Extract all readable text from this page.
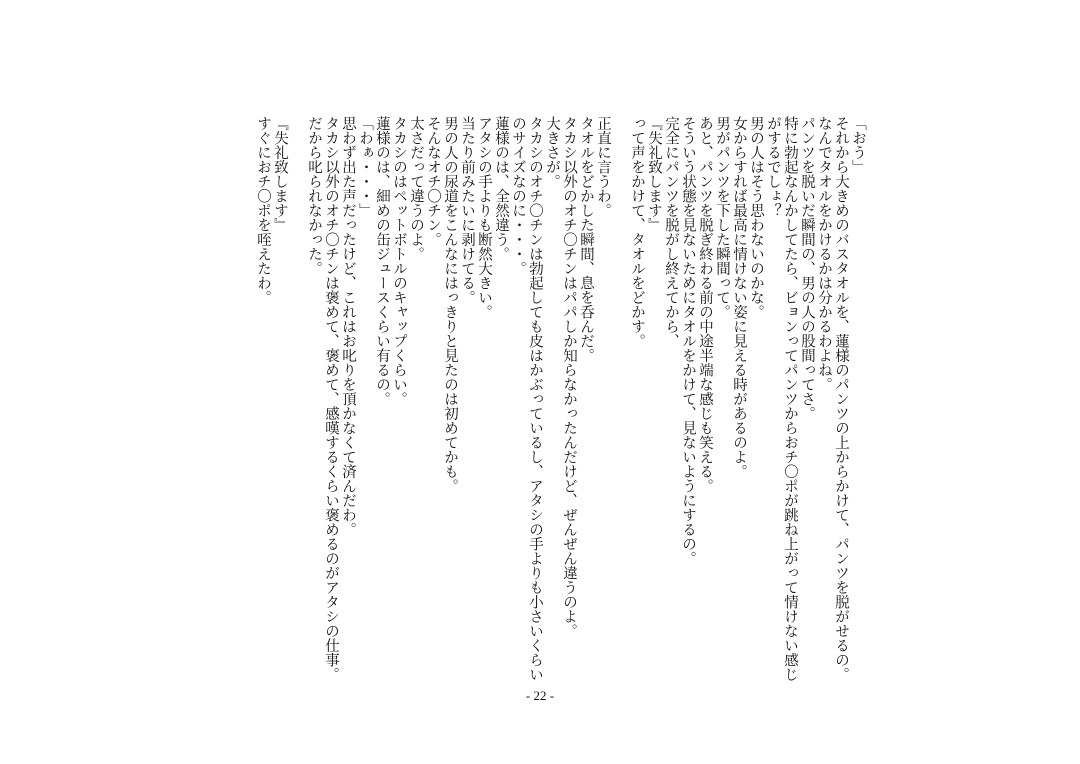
「おう」

それから大きめのバスタオルを、蓮様のパンツの上からかけて、パンツを脱がせるの。

なんでタオルをかけるかは分かるわよね。

パンツを脱いだ瞬間の、男の人の股間ってさ。

特に勃起なんかしてたら、ビョンってパンツからおチ〇ポが跳ね上がって情けない感じ

がするでしょ？

男の人はそう思わないのかな。

女からすれば最高に情けない姿に見える時があるのよ。

男がパンツを下した瞬間って。

あと、パンツを脱ぎ終わる前の中途半端な感じも笑える。

そういう状態を見ないためにタオルをかけて、見ないようにするの。

完全にパンツを脱がし終えてから、

『失礼致します』

って声をかけて、タオルをどかす。

正直に言うわ。

タオルをどかした瞬間、息を呑んだ。

タカシ以外のオチ〇チンはパパしか知らなかったんだけど、ぜんぜん違うのよ。

大きさが。

タカシのオチ〇チンは勃起しても皮はかぶっているし、アタシの手よりも小さいくらい

のサイズなのに・・・。

蓮様のは、全然違う。

アタシの手よりも断然大きい。

当たり前みたいに剥けてる。

男の人の尿道をこんなにはっきりと見たのは初めてかも。

そんなオチ〇チン。

太さだって違うのよ。

タカシのはペットボトルのキャップくらい。

蓮様のは、細めの缶ジュースくらい有るの。

「わぁ・・・」

思わず出た声だったけど、これはお叱りを頂かなくて済んだわ。

タカシ以外のオチ〇チンは褒めて、褒めて、感嘆するくらい褒めるのがアタシの仕事。

だから叱られなかった。

『失礼致します』

すぐにおチ〇ポを咥えたわ。

- 22 -
